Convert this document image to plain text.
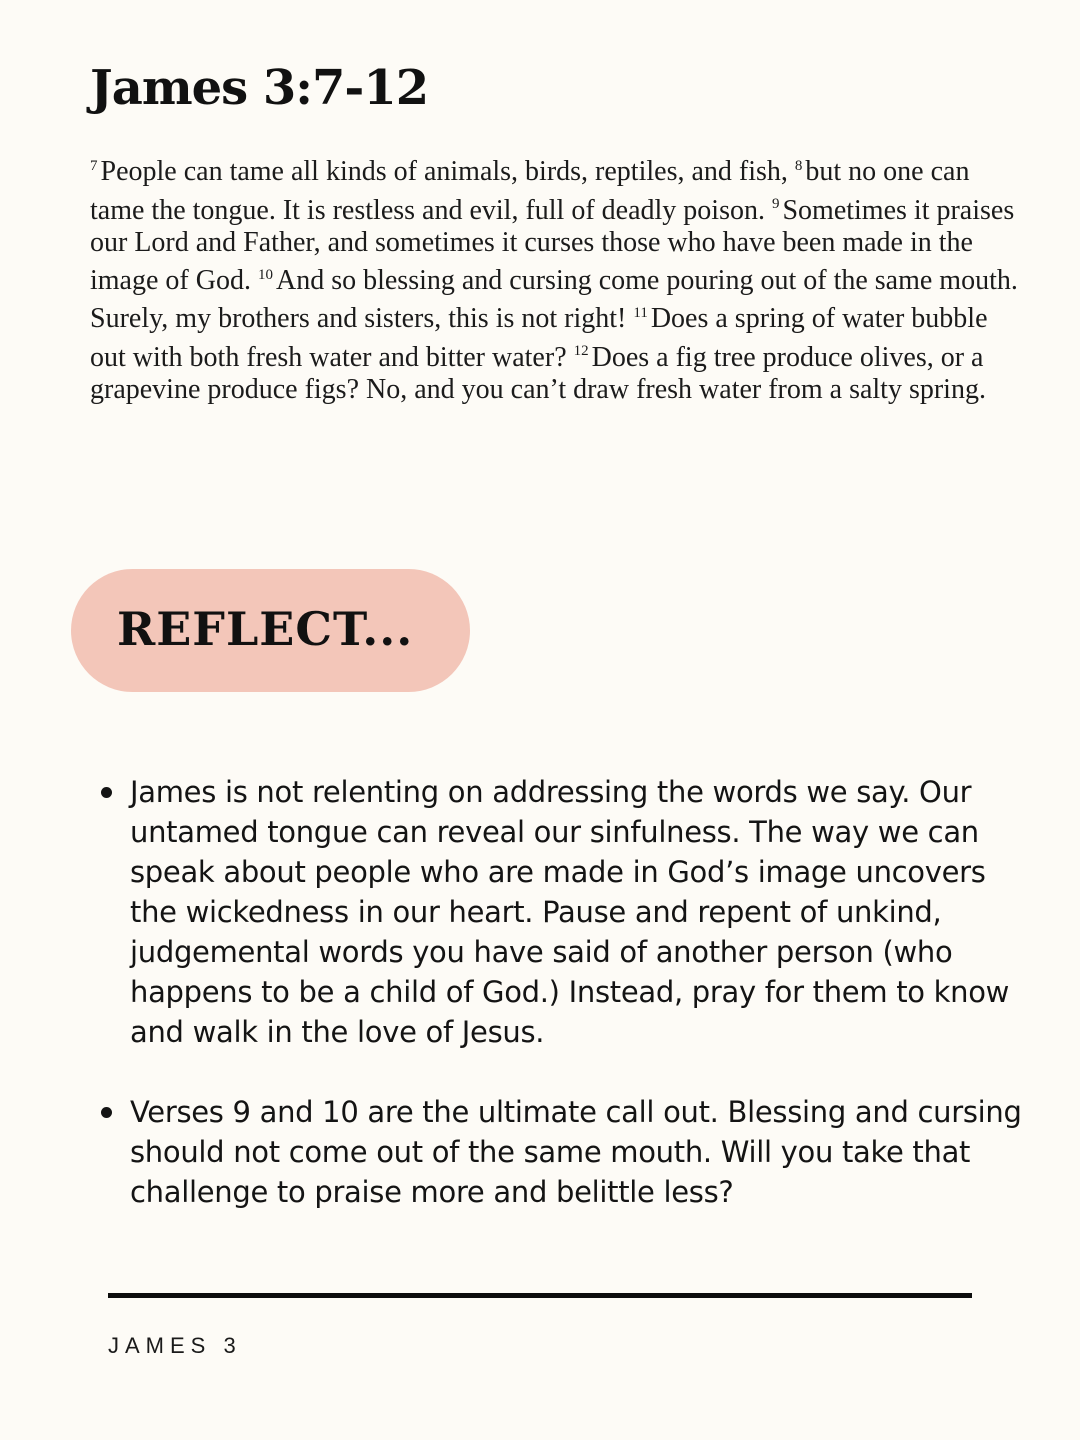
James 3:7-12

$^7$ People can tame all kinds of animals, birds, reptiles, and fish, $^8$ but no one can tame the tongue. It is restless and evil, full of deadly poison. $^9$ Sometimes it praises our Lord and Father, and sometimes it curses those who have been made in the image of God. $^{10}$ And so blessing and cursing come pouring out of the same mouth. Surely, my brothers and sisters, this is not right! $^{11}$ Does a spring of water bubble out with both fresh water and bitter water? $^{12}$ Does a fig tree produce olives, or a grapevine produce figs? No, and you can’t draw fresh water from a salty spring.

REFLECT...
James is not relenting on addressing the words we say. Our untamed tongue can reveal our sinfulness. The way we can speak about people who are made in God’s image uncovers the wickedness in our heart. Pause and repent of unkind, judgemental words you have said of another person (who happens to be a child of God.) Instead, pray for them to know and walk in the love of Jesus.
Verses 9 and 10 are the ultimate call out. Blessing and cursing should not come out of the same mouth. Will you take that challenge to praise more and belittle less?
JAMES 3
